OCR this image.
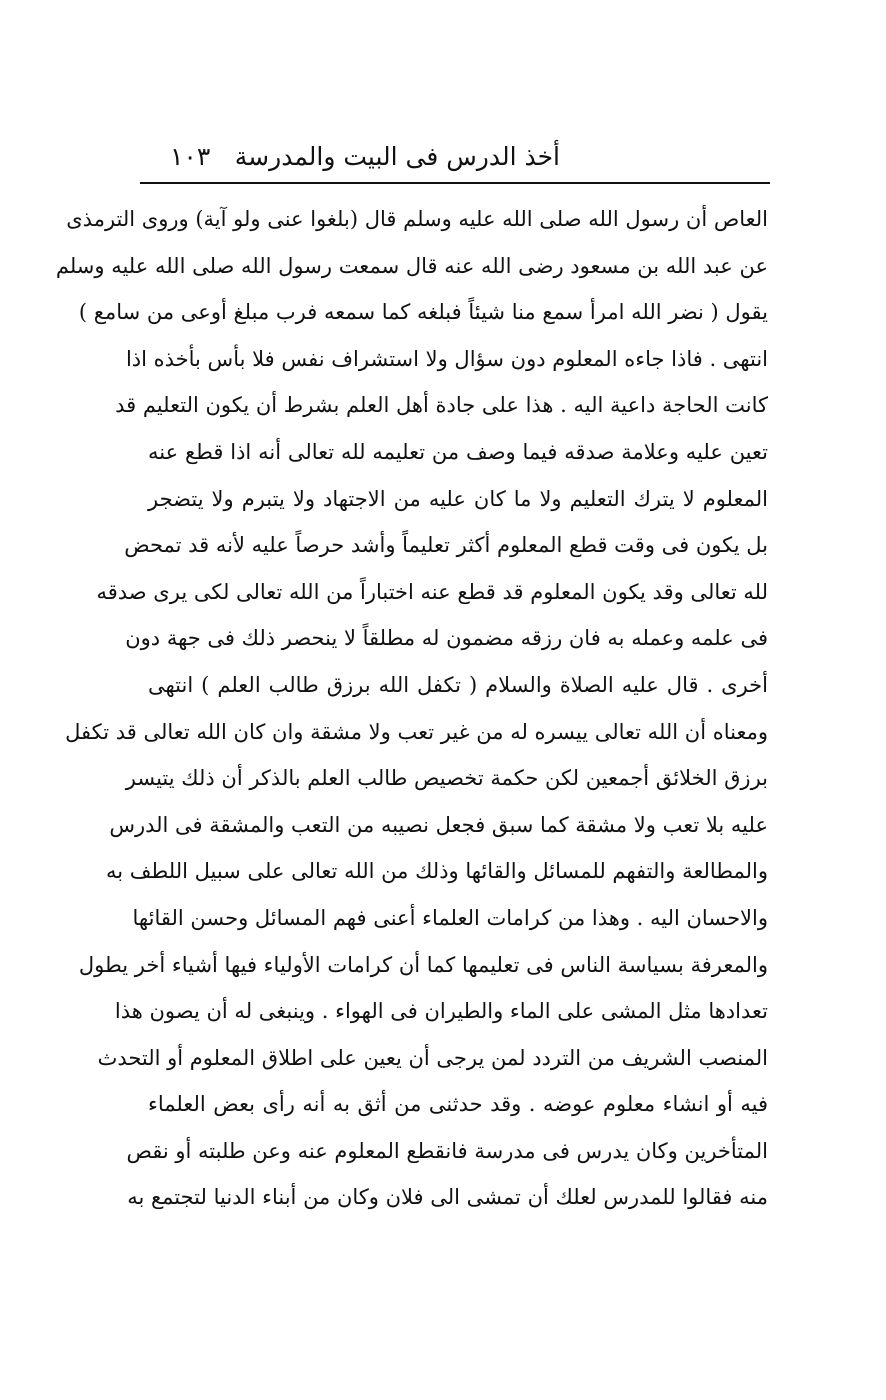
أخذ الدرس فى البيت والمدرسة
١٠٣
العاص أن رسول الله صلى الله عليه وسلم قال (بلغوا عنى ولو آية) وروى الترمذى
عن عبد الله بن مسعود رضى الله عنه قال سمعت رسول الله صلى الله عليه وسلم
يقول ( نضر الله امرأ سمع منا شيئاً فبلغه كما سمعه فرب مبلغ أوعى من سامع )
انتهى . فاذا جاءه المعلوم دون سؤال ولا استشراف نفس فلا بأس بأخذه اذا
كانت الحاجة داعية اليه . هذا على جادة أهل العلم بشرط أن يكون التعليم قد
تعين عليه وعلامة صدقه فيما وصف من تعليمه لله تعالى أنه اذا قطع عنه
المعلوم لا يترك التعليم ولا ما كان عليه من الاجتهاد ولا يتبرم ولا يتضجر
بل يكون فى وقت قطع المعلوم أكثر تعليماً وأشد حرصاً عليه لأنه قد تمحض
لله تعالى وقد يكون المعلوم قد قطع عنه اختباراً من الله تعالى لكى يرى صدقه
فى علمه وعمله به فان رزقه مضمون له مطلقاً لا ينحصر ذلك فى جهة دون
أخرى . قال عليه الصلاة والسلام ( تكفل الله برزق طالب العلم ) انتهى
ومعناه أن الله تعالى ييسره له من غير تعب ولا مشقة وان كان الله تعالى قد تكفل
برزق الخلائق أجمعين لكن حكمة تخصيص طالب العلم بالذكر أن ذلك يتيسر
عليه بلا تعب ولا مشقة كما سبق فجعل نصيبه من التعب والمشقة فى الدرس
والمطالعة والتفهم للمسائل والقائها وذلك من الله تعالى على سبيل اللطف به
والاحسان اليه . وهذا من كرامات العلماء أعنى فهم المسائل وحسن القائها
والمعرفة بسياسة الناس فى تعليمها كما أن كرامات الأولياء فيها أشياء أخر يطول
تعدادها مثل المشى على الماء والطيران فى الهواء . وينبغى له أن يصون هذا
المنصب الشريف من التردد لمن يرجى أن يعين على اطلاق المعلوم أو التحدث
فيه أو انشاء معلوم عوضه . وقد حدثنى من أثق به أنه رأى بعض العلماء
المتأخرين وكان يدرس فى مدرسة فانقطع المعلوم عنه وعن طلبته أو نقص
منه فقالوا للمدرس لعلك أن تمشى الى فلان وكان من أبناء الدنيا لتجتمع به
